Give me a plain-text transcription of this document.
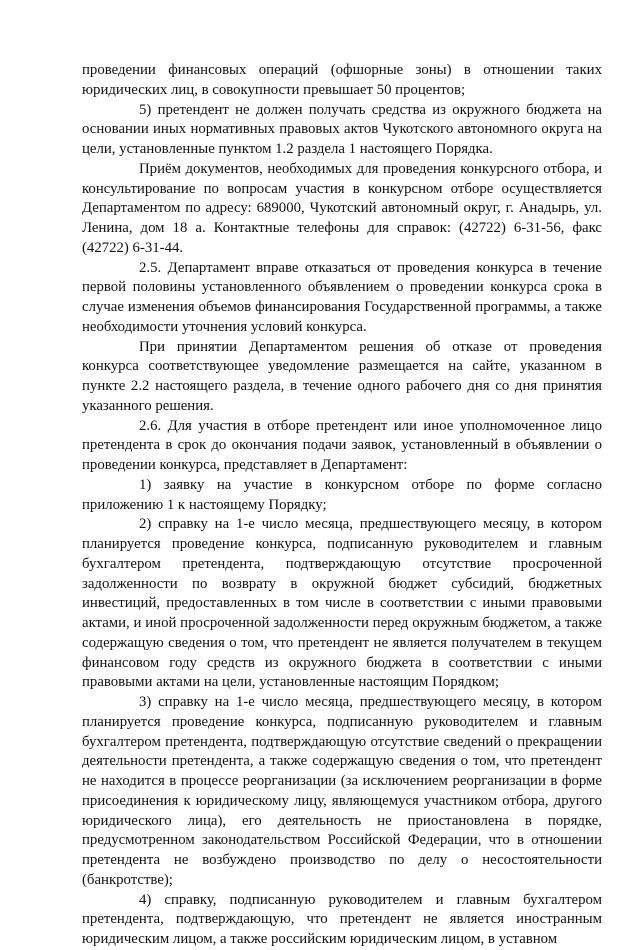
проведении финансовых операций (офшорные зоны) в отношении таких юридических лиц, в совокупности превышает 50 процентов;

5) претендент не должен получать средства из окружного бюджета на основании иных нормативных правовых актов Чукотского автономного округа на цели, установленные пунктом 1.2 раздела 1 настоящего Порядка.

Приём документов, необходимых для проведения конкурсного отбора, и консультирование по вопросам участия в конкурсном отборе осуществляется Департаментом по адресу: 689000, Чукотский автономный округ, г. Анадырь, ул. Ленина, дом 18 а. Контактные телефоны для справок: (42722) 6-31-56, факс (42722) 6-31-44.

2.5. Департамент вправе отказаться от проведения конкурса в течение первой половины установленного объявлением о проведении конкурса срока в случае изменения объемов финансирования Государственной программы, а также необходимости уточнения условий конкурса.

При принятии Департаментом решения об отказе от проведения конкурса соответствующее уведомление размещается на сайте, указанном в пункте 2.2 настоящего раздела, в течение одного рабочего дня со дня принятия указанного решения.

2.6. Для участия в отборе претендент или иное уполномоченное лицо претендента в срок до окончания подачи заявок, установленный в объявлении о проведении конкурса, представляет в Департамент:

1) заявку на участие в конкурсном отборе по форме согласно приложению 1 к настоящему Порядку;

2) справку на 1-е число месяца, предшествующего месяцу, в котором планируется проведение конкурса, подписанную руководителем и главным бухгалтером претендента, подтверждающую отсутствие просроченной задолженности по возврату в окружной бюджет субсидий, бюджетных инвестиций, предоставленных в том числе в соответствии с иными правовыми актами, и иной просроченной задолженности перед окружным бюджетом, а также содержащую сведения о том, что претендент не является получателем в текущем финансовом году средств из окружного бюджета в соответствии с иными правовыми актами на цели, установленные настоящим Порядком;

3) справку на 1-е число месяца, предшествующего месяцу, в котором планируется проведение конкурса, подписанную руководителем и главным бухгалтером претендента, подтверждающую отсутствие сведений о прекращении деятельности претендента, а также содержащую сведения о том, что претендент не находится в процессе реорганизации (за исключением реорганизации в форме присоединения к юридическому лицу, являющемуся участником отбора, другого юридического лица), его деятельность не приостановлена в порядке, предусмотренном законодательством Российской Федерации, что в отношении претендента не возбуждено производство по делу о несостоятельности (банкротстве);

4) справку, подписанную руководителем и главным бухгалтером претендента, подтверждающую, что претендент не является иностранным юридическим лицом, а также российским юридическим лицом, в уставном
